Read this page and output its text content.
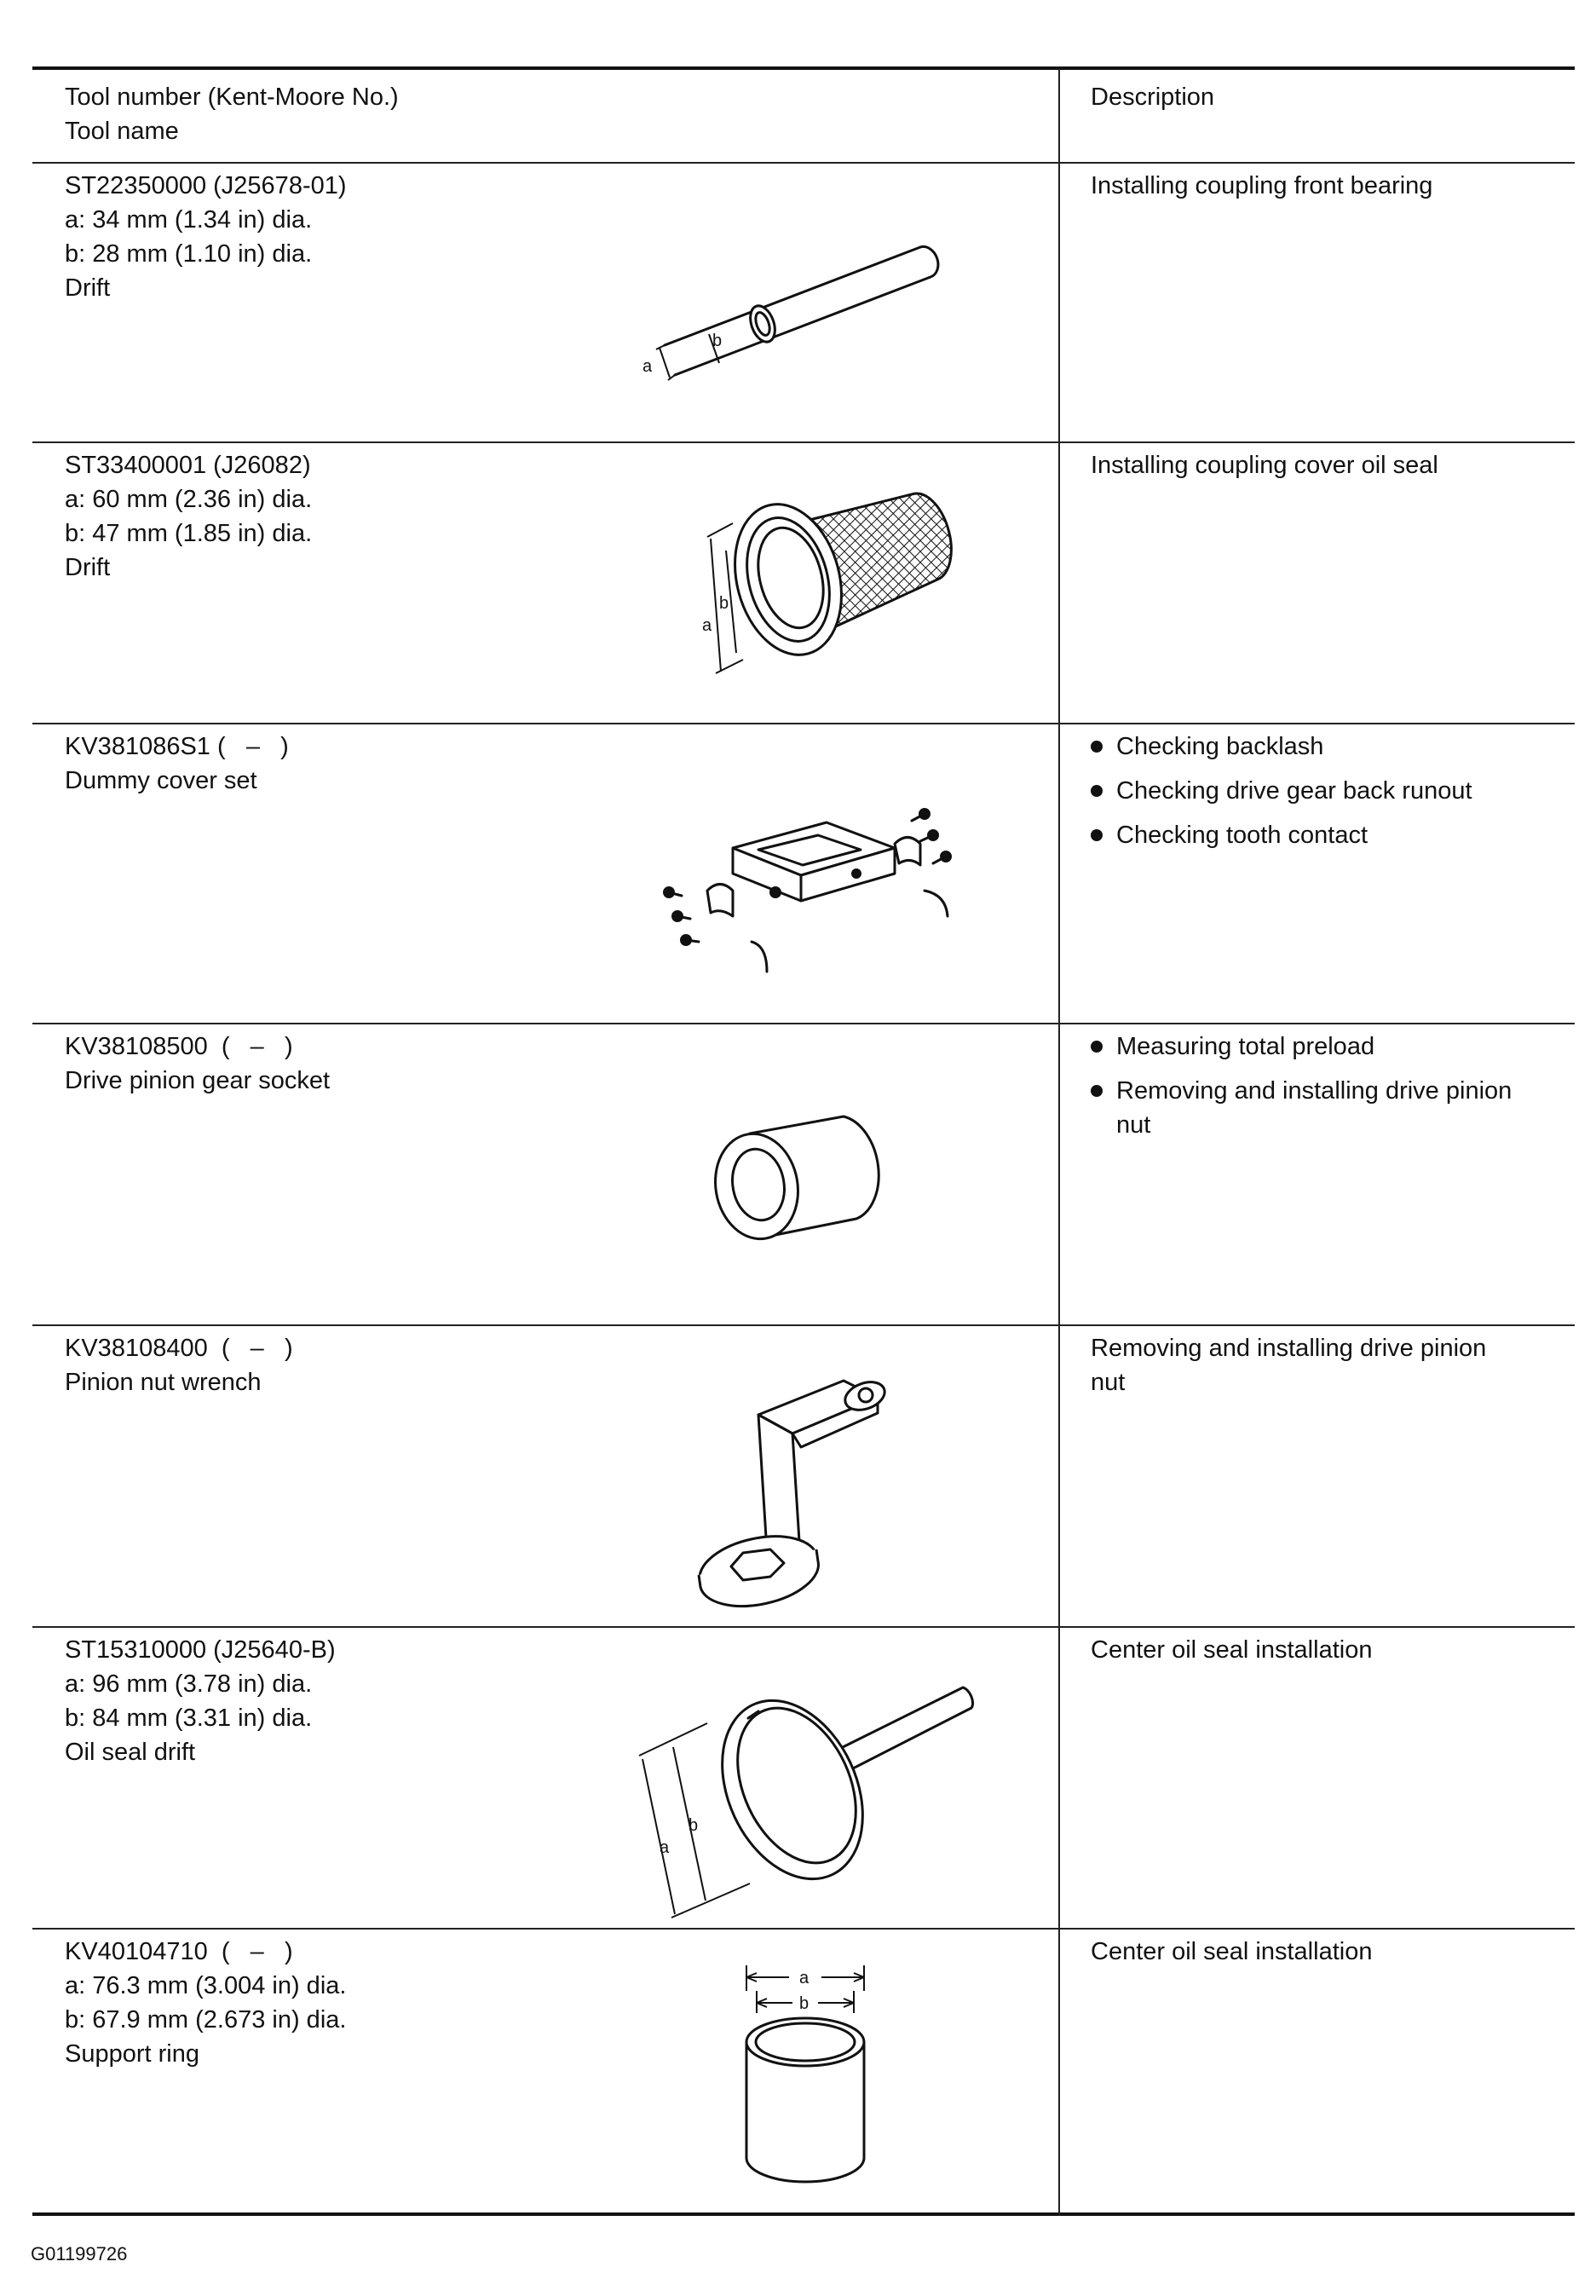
Tool number (Kent-Moore No.)
Tool name
Description
ST22350000 (J25678-01)
a: 34 mm (1.34 in) dia.
b: 28 mm (1.10 in) dia.
Drift
Installing coupling front bearing
a
b
ST33400001 (J26082)
a: 60 mm (2.36 in) dia.
b: 47 mm (1.85 in) dia.
Drift
Installing coupling cover oil seal
a
b
KV381086S1 (   –   )
Dummy cover set
Checking backlash
Checking drive gear back runout
Checking tooth contact
KV38108500  (   –   )
Drive pinion gear socket
Measuring total preload
Removing and installing drive pinion nut
KV38108400  (   –   )
Pinion nut wrench
Removing and installing drive pinion
nut
ST15310000 (J25640-B)
a: 96 mm (3.78 in) dia.
b: 84 mm (3.31 in) dia.
Oil seal drift
Center oil seal installation
a
b
KV40104710  (   –   )
a: 76.3 mm (3.004 in) dia.
b: 67.9 mm (2.673 in) dia.
Support ring
Center oil seal installation
a
b
G01199726
